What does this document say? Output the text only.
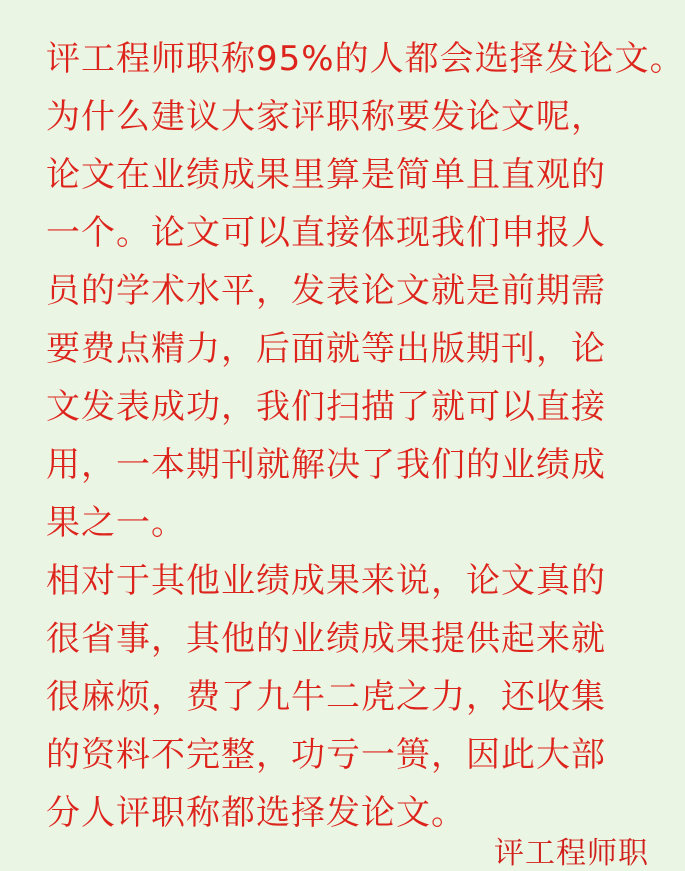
评工程师职称95%的人都会选择发论文。
为什么建议大家评职称要发论文呢，
论文在业绩成果里算是简单且直观的
一个。论文可以直接体现我们申报人
员的学术水平，发表论文就是前期需
要费点精力，后面就等出版期刊，论
文发表成功，我们扫描了就可以直接
用，一本期刊就解决了我们的业绩成
果之一。
相对于其他业绩成果来说，论文真的
很省事，其他的业绩成果提供起来就
很麻烦，费了九牛二虎之力，还收集
的资料不完整，功亏一篑，因此大部
分人评职称都选择发论文。
评工程师职
